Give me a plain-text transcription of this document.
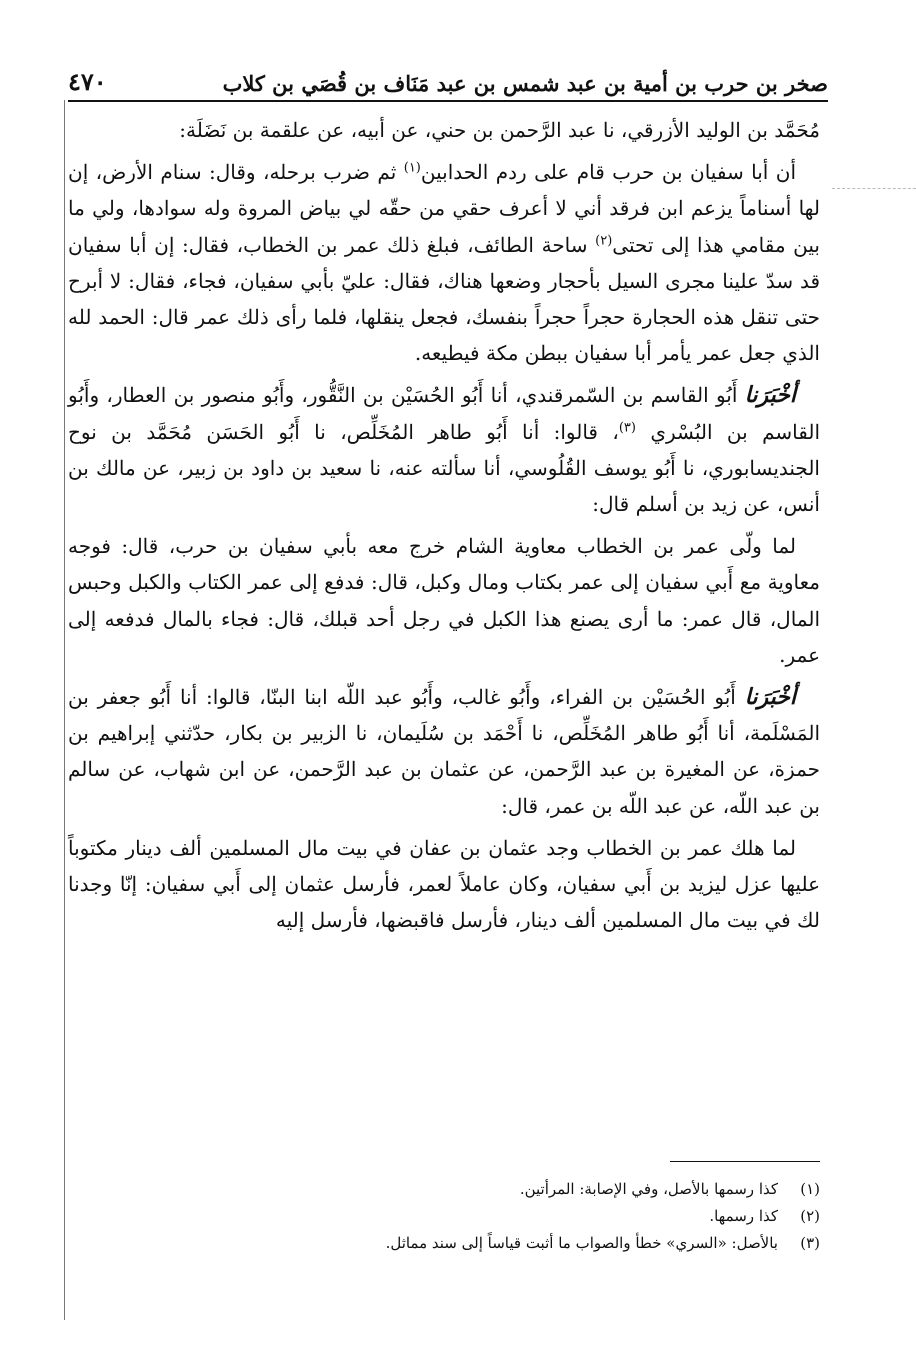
صخر بن حرب بن أمية بن عبد شمس بن عبد مَنَاف بن قُصَي بن كلاب
٤٧٠

مُحَمَّد بن الوليد الأزرقي، نا عبد الرَّحمن بن حني، عن أبيه، عن علقمة بن نَضَلَة:

أن أبا سفيان بن حرب قام على ردم الحدابين$^{(١)}$ ثم ضرب برحله، وقال: سنام الأرض، إن لها أسناماً يزعم ابن فرقد أني لا أعرف حقي من حقّه لي بياض المروة وله سوادها، ولي ما بين مقامي هذا إلى تحتى$^{(٢)}$ ساحة الطائف، فبلغ ذلك عمر بن الخطاب، فقال: إن أبا سفيان قد سدّ علينا مجرى السيل بأحجار وضعها هناك، فقال: عليّ بأبي سفيان، فجاء، فقال: لا أبرح حتى تنقل هذه الحجارة حجراً حجراً بنفسك، فجعل ينقلها، فلما رأى ذلك عمر قال: الحمد لله الذي جعل عمر يأمر أبا سفيان ببطن مكة فيطيعه.

أخْبَرَنا أَبُو القاسم بن السّمرقندي، أنا أَبُو الحُسَيْن بن النَّقُّور، وأَبُو منصور بن العطار، وأَبُو القاسم بن البُسْري $^{(٣)}$، قالوا: أنا أَبُو طاهر المُخَلِّص، نا أَبُو الحَسَن مُحَمَّد بن نوح الجنديسابوري، نا أَبُو يوسف القُلُوسي، أنا سألته عنه، نا سعيد بن داود بن زبير، عن مالك بن أنس، عن زيد بن أسلم قال:

لما ولّى عمر بن الخطاب معاوية الشام خرج معه بأبي سفيان بن حرب، قال: فوجه معاوية مع أَبي سفيان إلى عمر بكتاب ومال وكبل، قال: فدفع إلى عمر الكتاب والكبل وحبس المال، قال عمر: ما أرى يصنع هذا الكبل في رجل أحد قبلك، قال: فجاء بالمال فدفعه إلى عمر.

أخْبَرَنا أَبُو الحُسَيْن بن الفراء، وأَبُو غالب، وأَبُو عبد اللّه ابنا البنّا، قالوا: أنا أَبُو جعفر بن المَسْلَمة، أنا أَبُو طاهر المُخَلِّص، نا أَحْمَد بن سُلَيمان، نا الزبير بن بكار، حدّثني إبراهيم بن حمزة، عن المغيرة بن عبد الرَّحمن، عن عثمان بن عبد الرَّحمن، عن ابن شهاب، عن سالم بن عبد اللّه، عن عبد اللّه بن عمر، قال:

لما هلك عمر بن الخطاب وجد عثمان بن عفان في بيت مال المسلمين ألف دينار مكتوباً عليها عزل ليزيد بن أَبي سفيان، وكان عاملاً لعمر، فأرسل عثمان إلى أَبي سفيان: إنّا وجدنا لك في بيت مال المسلمين ألف دينار، فأرسل فاقبضها، فأرسل إليه

(١)
كذا رسمها بالأصل، وفي الإصابة: المرأتين.
(٢)
كذا رسمها.
(٣)
بالأصل: «السري» خطأ والصواب ما أثبت قياساً إلى سند مماثل.
